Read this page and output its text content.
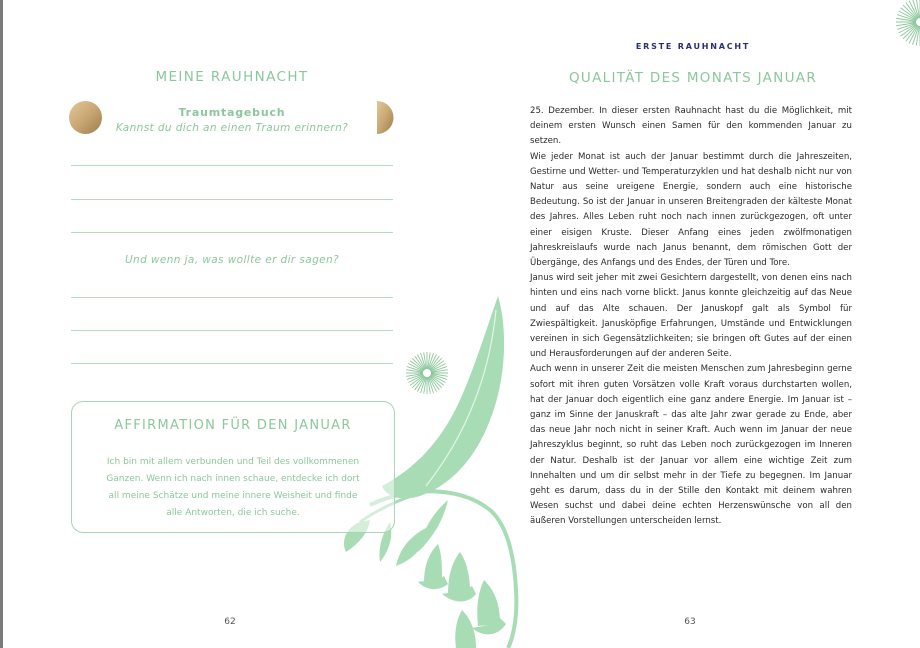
MEINE RAUHNACHT
Traumtagebuch
Kannst du dich an einen Traum erinnern?
Und wenn ja, was wollte er dir sagen?
62
AFFIRMATION FÜR DEN JANUAR
Ich bin mit allem verbunden und Teil des vollkommenen Ganzen. Wenn ich nach innen schaue, entdecke ich dort all meine Schätze und meine innere Weisheit und finde alle Antworten, die ich suche.
ERSTE RAUHNACHT
QUALITÄT DES MONATS JANUAR

25. Dezember. In dieser ersten Rauhnacht hast du die Möglichkeit, mit deinem ersten Wunsch einen Samen für den kommenden Januar zu setzen.

Wie jeder Monat ist auch der Januar bestimmt durch die Jahreszeiten, Gestirne und Wetter- und Temperaturzyklen und hat deshalb nicht nur von Natur aus seine ureigene Energie, sondern auch eine historische Bedeutung. So ist der Januar in unseren Breitengraden der kälteste Monat des Jahres. Alles Leben ruht noch nach innen zurückgezogen, oft unter einer eisigen Kruste. Dieser Anfang eines jeden zwölfmonatigen Jahreskreislaufs wurde nach Janus benannt, dem römischen Gott der Übergänge, des Anfangs und des Endes, der Türen und Tore.

Janus wird seit jeher mit zwei Gesichtern dargestellt, von denen eins nach hinten und eins nach vorne blickt. Janus konnte gleichzeitig auf das Neue und auf das Alte schauen. Der Januskopf galt als Symbol für Zwiespältigkeit. Janusköpfige Erfahrungen, Umstände und Entwicklungen vereinen in sich Gegensätzlichkeiten; sie bringen oft Gutes auf der einen und Herausforderungen auf der anderen Seite.

Auch wenn in unserer Zeit die meisten Menschen zum Jahresbeginn gerne sofort mit ihren guten Vorsätzen volle Kraft voraus durchstarten wollen, hat der Januar doch eigentlich eine ganz andere Energie. Im Januar ist – ganz im Sinne der Januskraft – das alte Jahr zwar gerade zu Ende, aber das neue Jahr noch nicht in seiner Kraft. Auch wenn im Januar der neue Jahreszyklus beginnt, so ruht das Leben noch zurückgezogen im Inneren der Natur. Deshalb ist der Januar vor allem eine wichtige Zeit zum Innehalten und um dir selbst mehr in der Tiefe zu begegnen. Im Januar geht es darum, dass du in der Stille den Kontakt mit deinem wahren Wesen suchst und dabei deine echten Herzenswünsche von all den äußeren Vorstellungen unterscheiden lernst.

63
